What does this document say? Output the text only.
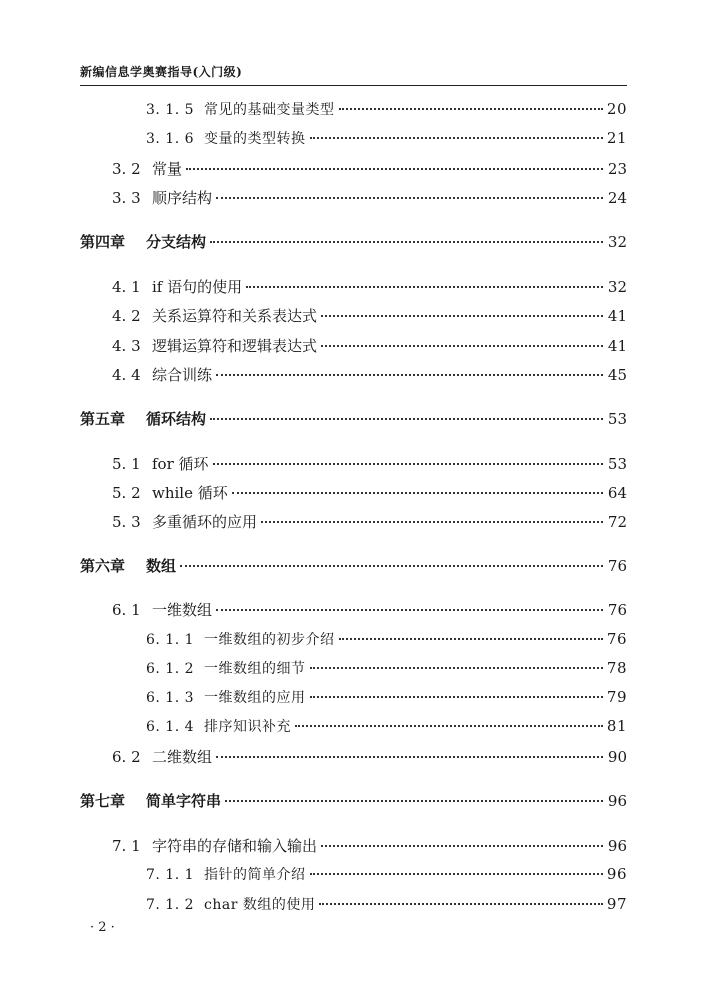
新编信息学奥赛指导(入门级)
3. 1. 5 常见的基础变量类型	20
3. 1. 6 变量的类型转换	21
3. 2 常量	23
3. 3 顺序结构	24
第四章	分支结构	32
4. 1 if 语句的使用	32
4. 2 关系运算符和关系表达式	41
4. 3 逻辑运算符和逻辑表达式	41
4. 4 综合训练	45
第五章	循环结构	53
5. 1 for 循环	53
5. 2 while 循环	64
5. 3 多重循环的应用	72
第六章	数组	76
6. 1 一维数组	76
6. 1. 1 一维数组的初步介绍	76
6. 1. 2 一维数组的细节	78
6. 1. 3 一维数组的应用	79
6. 1. 4 排序知识补充	81
6. 2 二维数组	90
第七章	简单字符串	96
7. 1 字符串的存储和输入输出	96
7. 1. 1 指针的简单介绍	96
7. 1. 2 char 数组的使用	97
· 2 ·
